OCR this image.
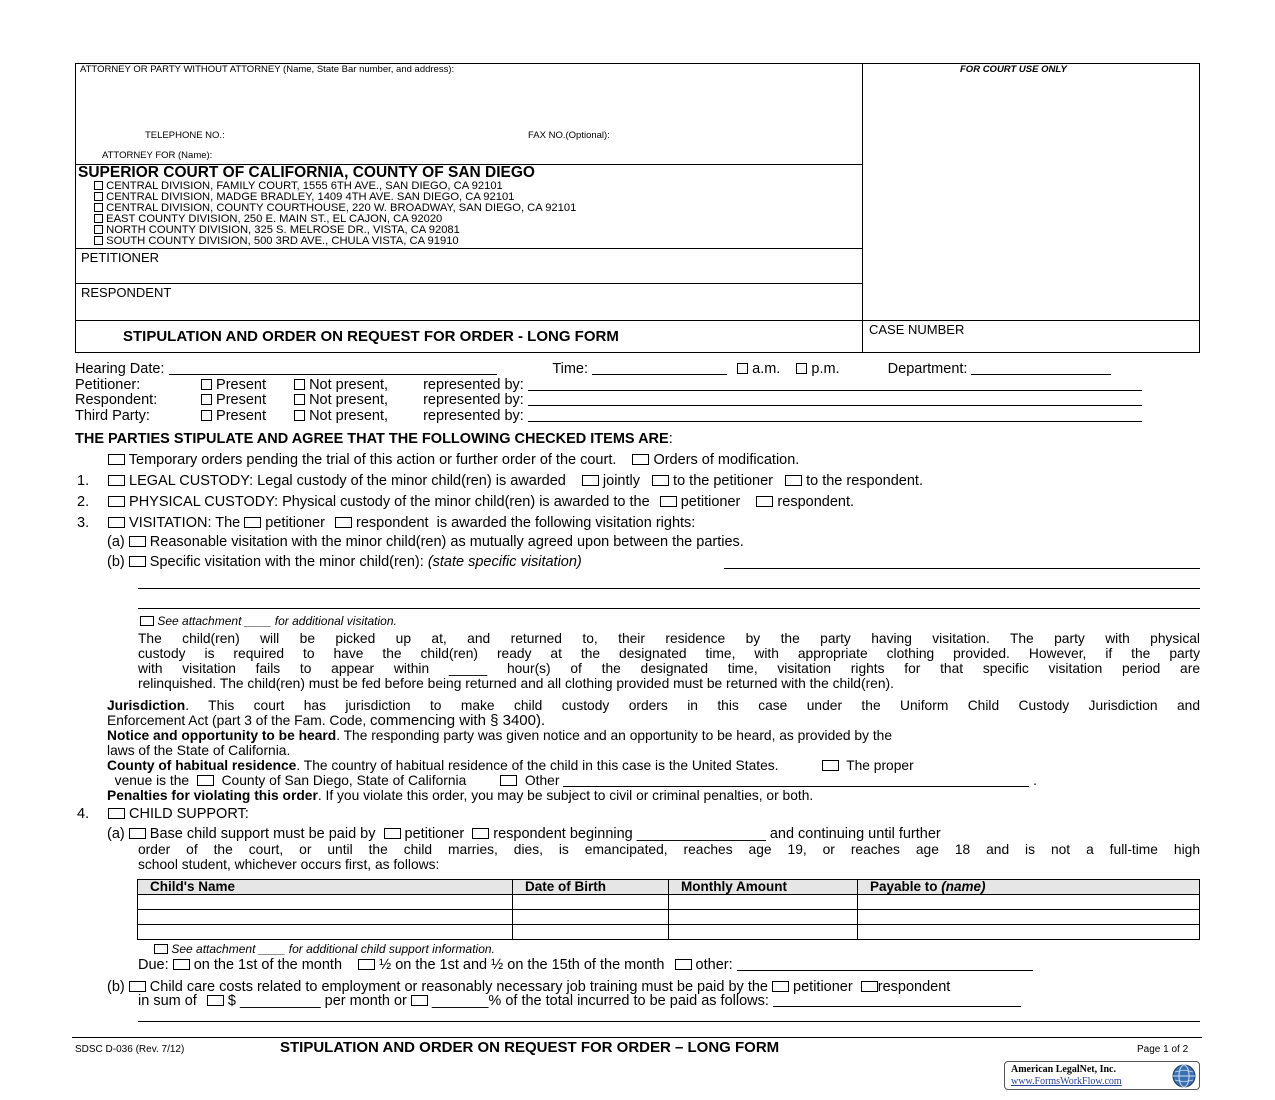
ATTORNEY OR PARTY WITHOUT ATTORNEY (Name, State Bar number, and address):	FOR COURT USE ONLY
TELEPHONE NO.:	FAX NO.(Optional):
ATTORNEY FOR (Name):
SUPERIOR COURT OF CALIFORNIA, COUNTY OF SAN DIEGO
CENTRAL DIVISION, FAMILY COURT, 1555 6TH AVE., SAN DIEGO, CA 92101
CENTRAL DIVISION, MADGE BRADLEY, 1409 4TH AVE. SAN DIEGO, CA 92101
CENTRAL DIVISION, COUNTY COURTHOUSE, 220 W. BROADWAY, SAN DIEGO, CA 92101
EAST COUNTY DIVISION, 250 E. MAIN ST., EL CAJON, CA 92020
NORTH COUNTY DIVISION, 325 S. MELROSE DR., VISTA, CA 92081
SOUTH COUNTY DIVISION, 500 3RD AVE., CHULA VISTA, CA 91910
PETITIONER
RESPONDENT
STIPULATION AND ORDER ON REQUEST FOR ORDER - LONG FORM	CASE NUMBER
Hearing Date:	Time:	a.m. p.m.	Department:
Petitioner:	Present	Not present, represented by:
Respondent:	Present	Not present, represented by:
Third Party:	Present	Not present, represented by:
THE PARTIES STIPULATE AND AGREE THAT THE FOLLOWING CHECKED ITEMS ARE:
Temporary orders pending the trial of this action or further order of the court.	Orders of modification.
1.	LEGAL CUSTODY: Legal custody of the minor child(ren) is awarded	jointly to the petitioner to the respondent.
2.	PHYSICAL CUSTODY: Physical custody of the minor child(ren) is awarded to the petitioner	respondent.
3.	VISITATION: The petitioner respondent is awarded the following visitation rights:
(a) Reasonable visitation with the minor child(ren) as mutually agreed upon between the parties.
(b) Specific visitation with the minor child(ren): (state specific visitation)
See attachment ____ for additional visitation.
The child(ren) will be picked up at, and returned to, their residence by the party having visitation. The party with physical
custody is required to have the child(ren) ready at the designated time, with appropriate clothing provided. However, if the party
with visitation fails to appear within _____ hour(s) of the designated time, visitation rights for that specific visitation period are
relinquished. The child(ren) must be fed before being returned and all clothing provided must be returned with the child(ren).
Jurisdiction. This court has jurisdiction to make child custody orders in this case under the Uniform Child Custody Jurisdiction and
Enforcement Act (part 3 of the Fam. Code, commencing with § 3400).
Notice and opportunity to be heard. The responding party was given notice and an opportunity to be heard, as provided by the
laws of the State of California.
County of habitual residence. The country of habitual residence of the child in this case is the United States.	The proper
venue is the County of San Diego, State of California	Other	.
Penalties for violating this order. If you violate this order, you may be subject to civil or criminal penalties, or both.
4.	CHILD SUPPORT:
(a) Base child support must be paid by petitioner respondent beginning ________________ and continuing until further
order of the court, or until the child marries, dies, is emancipated, reaches age 19, or reaches age 18 and is not a full-time high
school student, whichever occurs first, as follows:
Child's Name	Date of Birth	Monthly Amount	Payable to (name)

See attachment ____ for additional child support information.
Due: on the 1st of the month	½ on the 1st and ½ on the 15th of the month other:
(b) Child care costs related to employment or reasonably necessary job training must be paid by the petitioner respondent
in sum of $ __________ per month or _______% of the total incurred to be paid as follows:
SDSC D-036 (Rev. 7/12)	STIPULATION AND ORDER ON REQUEST FOR ORDER – LONG FORM	Page 1 of 2
American LegalNet, Inc.
www.FormsWorkFlow.com
